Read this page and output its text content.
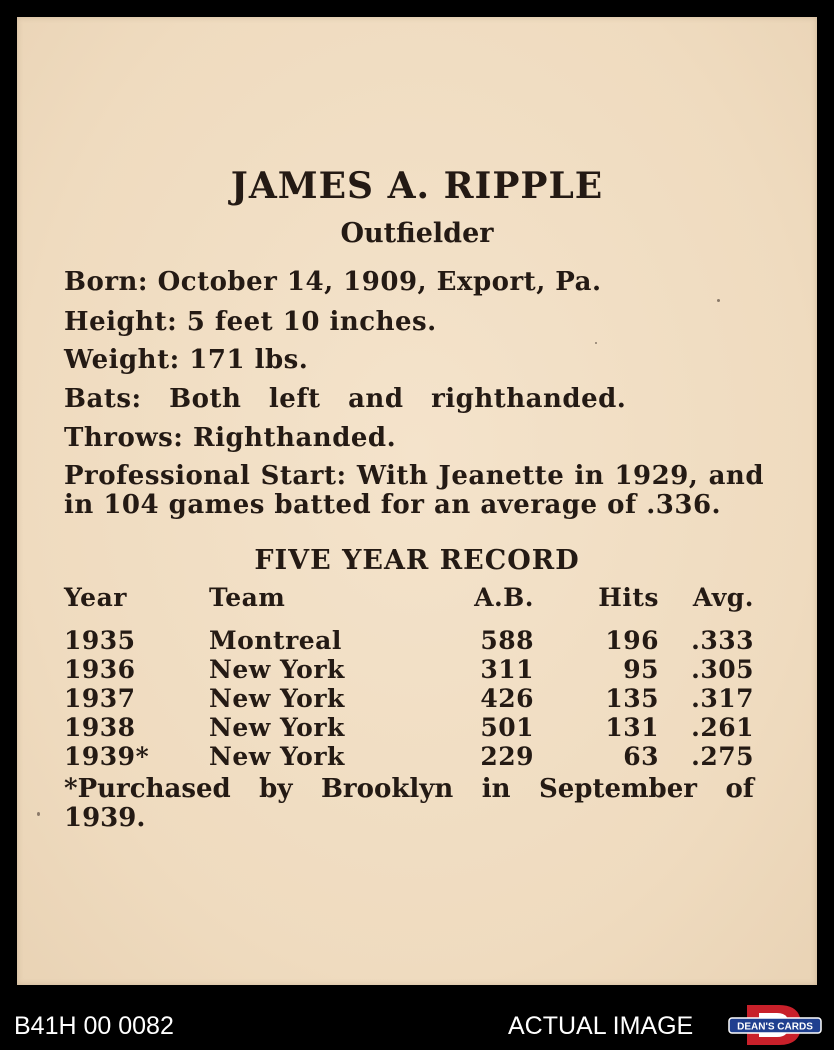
JAMES A. RIPPLE
Outfielder
Born: October 14, 1909, Export, Pa.
Height: 5 feet 10 inches.
Weight: 171 lbs.
Bats: Both left and righthanded.
Throws: Righthanded.
Professional Start: With Jeanette in 1929, and in 104 games batted for an average of .336.
FIVE YEAR RECORD
Year	Team	A.B.	Hits	Avg.
1935	Montreal	588	196	.333
1936	New York	311	95	.305
1937	New York	426	135	.317
1938	New York	501	131	.261
1939*	New York	229	63	.275
*Purchased by Brooklyn in September of 1939.
B41H 00 0082	ACTUAL IMAGE	DEAN'S CARDS
